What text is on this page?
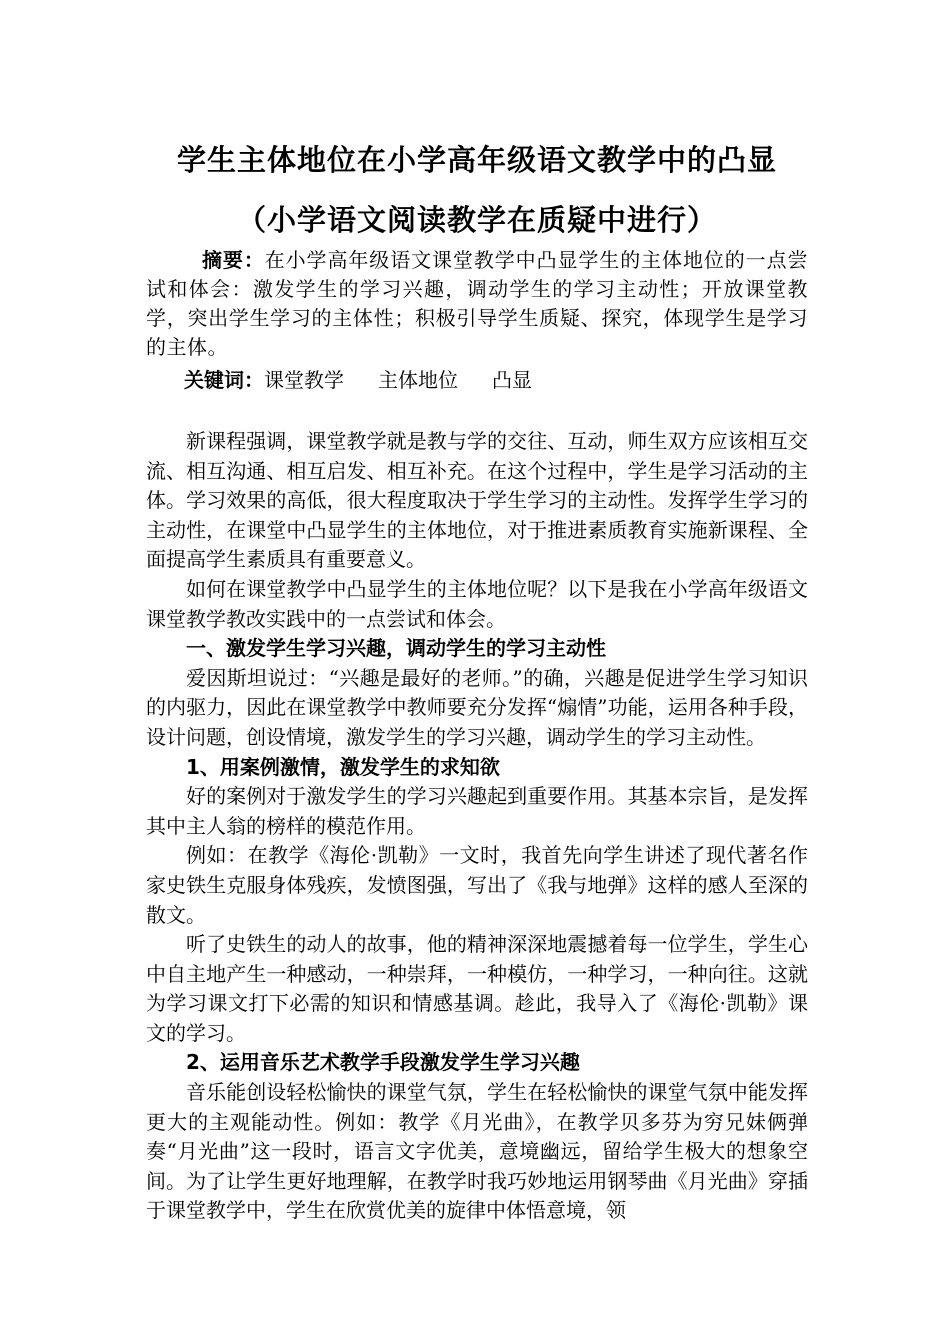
学生主体地位在小学高年级语文教学中的凸显
（小学语文阅读教学在质疑中进行）

摘要：在小学高年级语文课堂教学中凸显学生的主体地位的一点尝试和体会：激发学生的学习兴趣，调动学生的学习主动性；开放课堂教学，突出学生学习的主体性；积极引导学生质疑、探究，体现学生是学习的主体。

关键词：课堂教学 主体地位 凸显

新课程强调，课堂教学就是教与学的交往、互动，师生双方应该相互交流、相互沟通、相互启发、相互补充。在这个过程中，学生是学习活动的主体。学习效果的高低，很大程度取决于学生学习的主动性。发挥学生学习的主动性，在课堂中凸显学生的主体地位，对于推进素质教育实施新课程、全面提高学生素质具有重要意义。

如何在课堂教学中凸显学生的主体地位呢？以下是我在小学高年级语文课堂教学教改实践中的一点尝试和体会。

一、激发学生学习兴趣，调动学生的学习主动性

爱因斯坦说过：“兴趣是最好的老师。”的确，兴趣是促进学生学习知识的内驱力，因此在课堂教学中教师要充分发挥“煽情”功能，运用各种手段，设计问题，创设情境，激发学生的学习兴趣，调动学生的学习主动性。

1、用案例激情，激发学生的求知欲

好的案例对于激发学生的学习兴趣起到重要作用。其基本宗旨，是发挥其中主人翁的榜样的模范作用。

例如：在教学《海伦·凯勒》一文时，我首先向学生讲述了现代著名作家史铁生克服身体残疾，发愤图强，写出了《我与地弹》这样的感人至深的散文。

听了史铁生的动人的故事，他的精神深深地震撼着每一位学生，学生心中自主地产生一种感动，一种崇拜，一种模仿，一种学习，一种向往。这就为学习课文打下必需的知识和情感基调。趁此，我导入了《海伦·凯勒》课文的学习。

2、运用音乐艺术教学手段激发学生学习兴趣

音乐能创设轻松愉快的课堂气氛，学生在轻松愉快的课堂气氛中能发挥更大的主观能动性。例如：教学《月光曲》，在教学贝多芬为穷兄妹俩弹奏“月光曲”这一段时，语言文字优美，意境幽远，留给学生极大的想象空间。为了让学生更好地理解，在教学时我巧妙地运用钢琴曲《月光曲》穿插于课堂教学中，学生在欣赏优美的旋律中体悟意境，领
